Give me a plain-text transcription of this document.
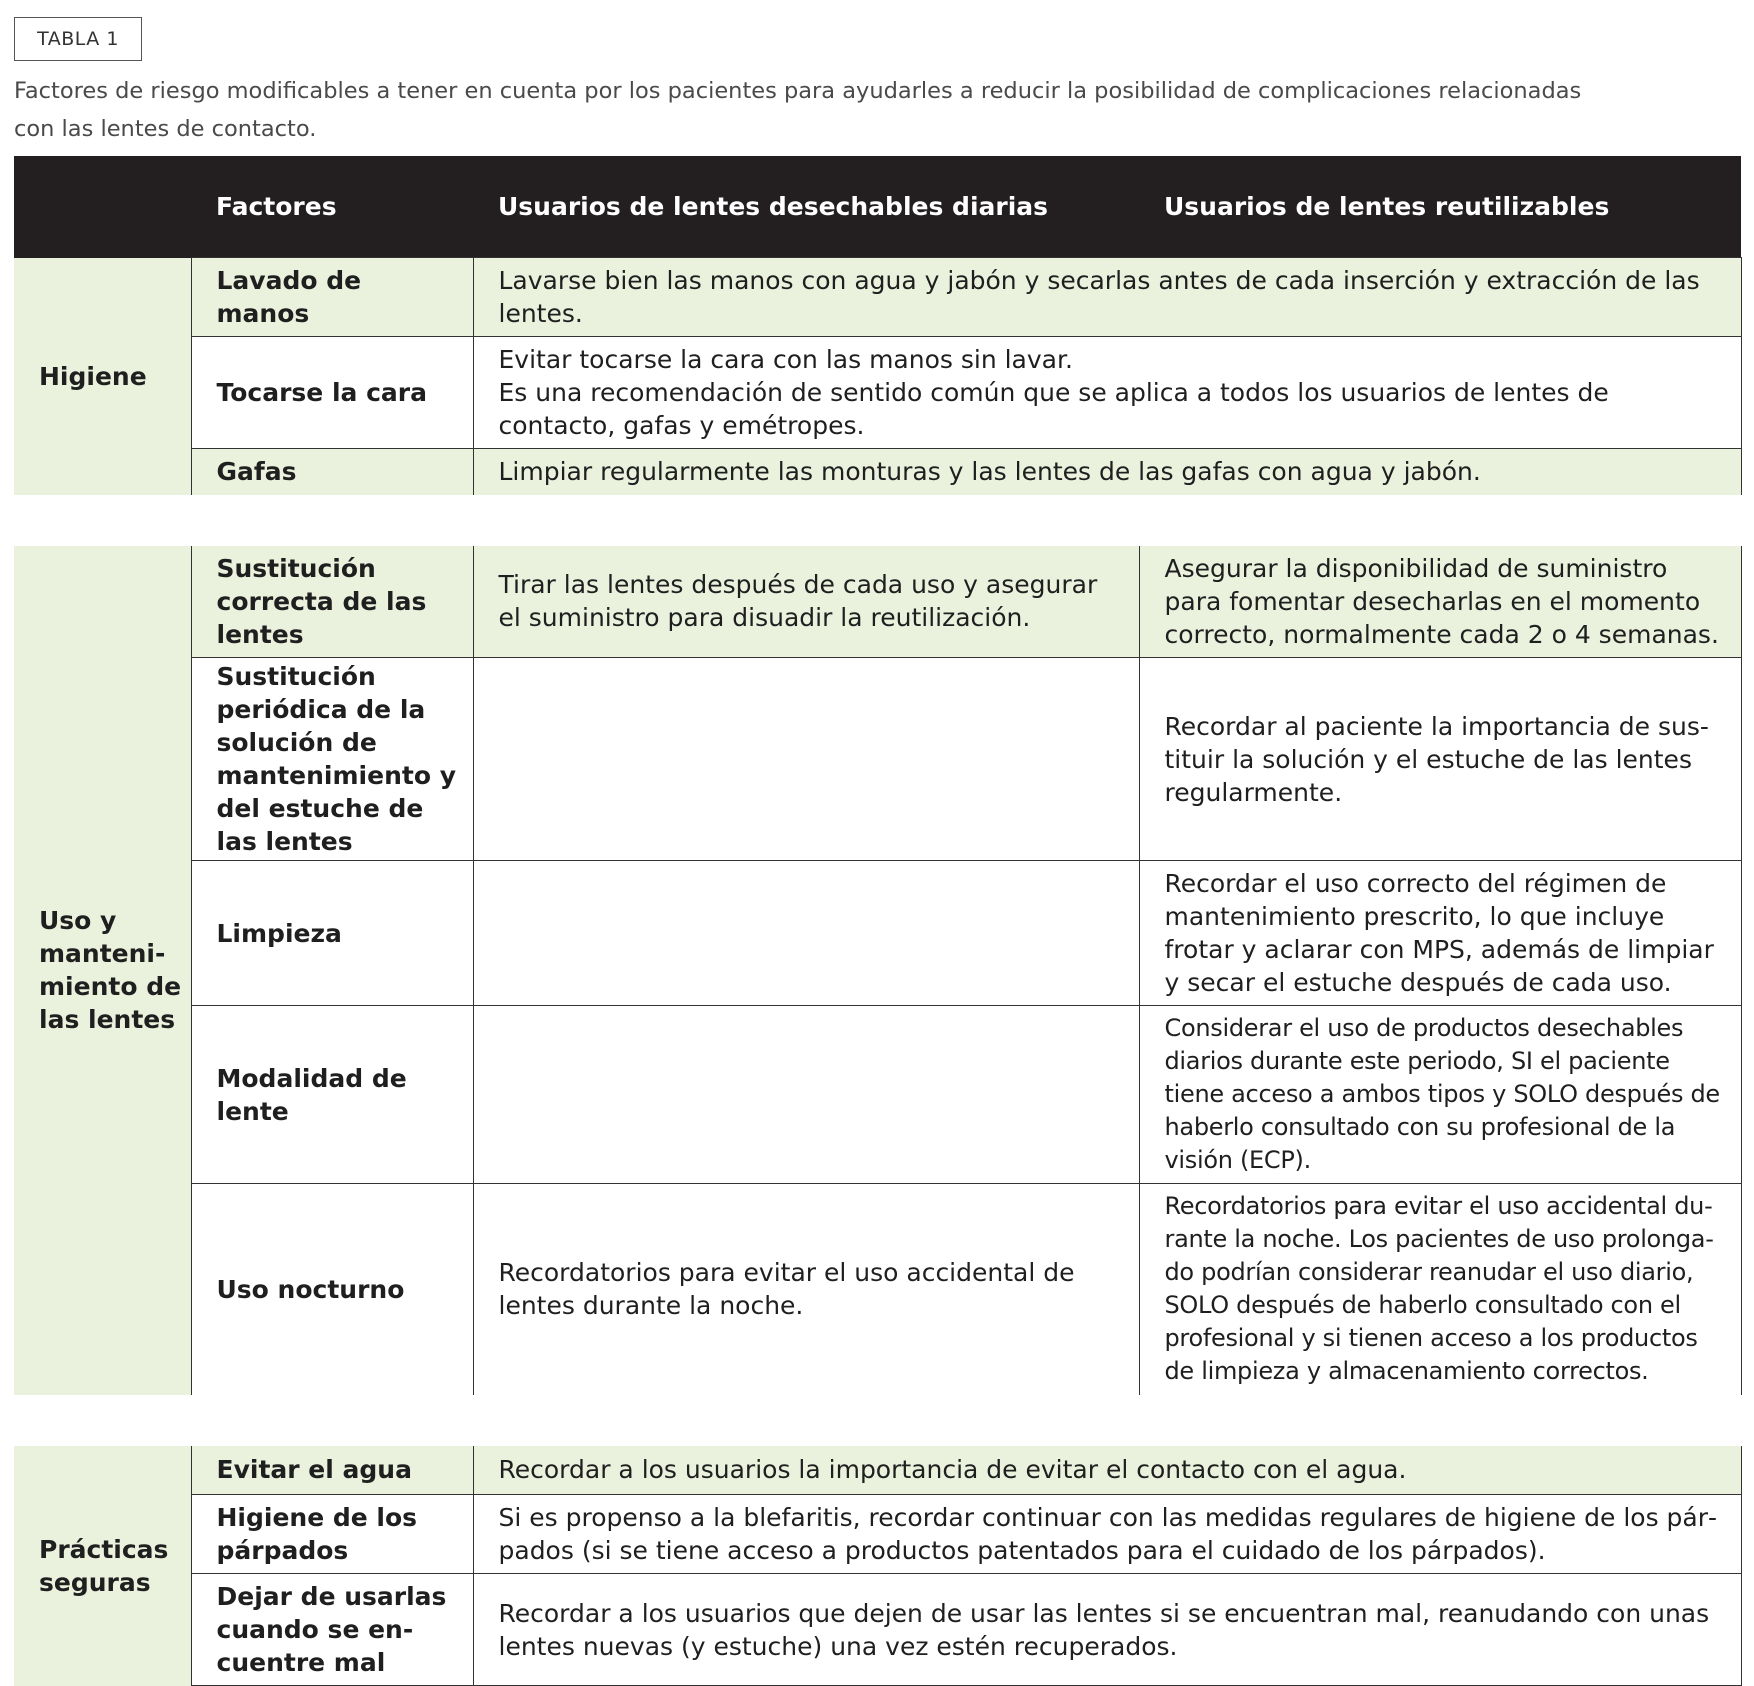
TABLA 1
Factores de riesgo modificables a tener en cuenta por los pacientes para ayudarles a reducir la posibilidad de complicaciones relacionadas
con las lentes de contacto.
	Factores	Usuarios de lentes desechables diarias	Usuarios de lentes reutilizables
Higiene	Lavado de manos	Lavarse bien las manos con agua y jabón y secarlas antes de cada inserción y extracción de las lentes.	
	Tocarse la cara	Evitar tocarse la cara con las manos sin lavar.
Es una recomendación de sentido común que se aplica a todos los usuarios de lentes de contacto, gafas y emétropes.	

	Gafas	Limpiar regularmente las monturas y las lentes de las gafas con agua y jabón.	

Uso y mantenimiento de las lentes	Sustitución correcta de las lentes	Tirar las lentes después de cada uso y asegurar el suministro para disuadir la reutilización.	Asegurar la disponibilidad de suministro para fomentar desecharlas en el momento correcto, normalmente cada 2 o 4 semanas.
	Sustitución periódica de la solución de mantenimiento y del estuche de las lentes		Recordar al paciente la importancia de sustituir la solución y el estuche de las lentes regularmente.
	Limpieza		Recordar el uso correcto del régimen de mantenimiento prescrito, lo que incluye frotar y aclarar con MPS, además de limpiar y secar el estuche después de cada uso.
	Modalidad de lente		Considerar el uso de productos desechables diarios durante este periodo, SI el paciente tiene acceso a ambos tipos y SOLO después de haberlo consultado con su profesional de la visión (ECP).
	Uso nocturno	Recordatorios para evitar el uso accidental de lentes durante la noche.	Recordatorios para evitar el uso accidental durante la noche. Los pacientes de uso prolongado podrían considerar reanudar el uso diario, SOLO después de haberlo consultado con el profesional y si tienen acceso a los productos de limpieza y almacenamiento correctos.

Prácticas seguras	Evitar el agua	Recordar a los usuarios la importancia de evitar el contacto con el agua.	
	Higiene de los párpados	Si es propenso a la blefaritis, recordar continuar con las medidas regulares de higiene de los párpados (si se tiene acceso a productos patentados para el cuidado de los párpados).	
	Dejar de usarlas cuando se encuentre mal	Recordar a los usuarios que dejen de usar las lentes si se encuentran mal, reanudando con unas lentes nuevas (y estuche) una vez estén recuperados.	
